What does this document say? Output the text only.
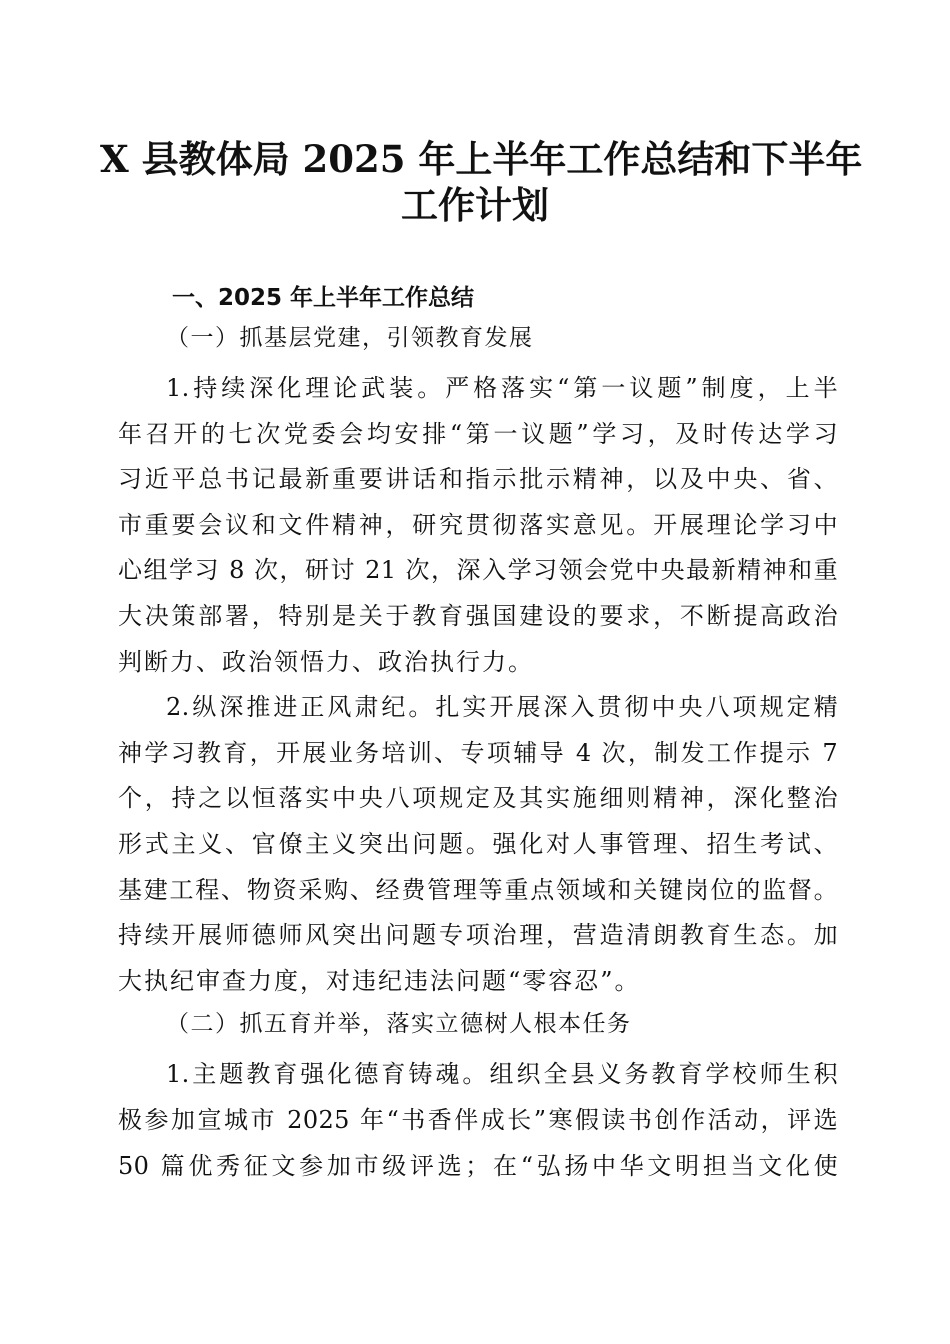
X 县教体局 2025 年上半年工作总结和下半年
工作计划
一、2025 年上半年工作总结
（一）抓基层党建，引领教育发展
1.持续深化理论武装。严格落实“第一议题”制度，上半
年召开的七次党委会均安排“第一议题”学习，及时传达学习
习近平总书记最新重要讲话和指示批示精神，以及中央、省、
市重要会议和文件精神，研究贯彻落实意见。开展理论学习中
心组学习 8 次，研讨 21 次，深入学习领会党中央最新精神和重
大决策部署，特别是关于教育强国建设的要求，不断提高政治
判断力、政治领悟力、政治执行力。
2.纵深推进正风肃纪。扎实开展深入贯彻中央八项规定精
神学习教育，开展业务培训、专项辅导 4 次，制发工作提示 7
个，持之以恒落实中央八项规定及其实施细则精神，深化整治
形式主义、官僚主义突出问题。强化对人事管理、招生考试、
基建工程、物资采购、经费管理等重点领域和关键岗位的监督。
持续开展师德师风突出问题专项治理，营造清朗教育生态。加
大执纪审查力度，对违纪违法问题“零容忍”。
（二）抓五育并举，落实立德树人根本任务
1.主题教育强化德育铸魂。组织全县义务教育学校师生积
极参加宣城市 2025 年“书香伴成长”寒假读书创作活动，评选
50 篇优秀征文参加市级评选；在“弘扬中华文明担当文化使
